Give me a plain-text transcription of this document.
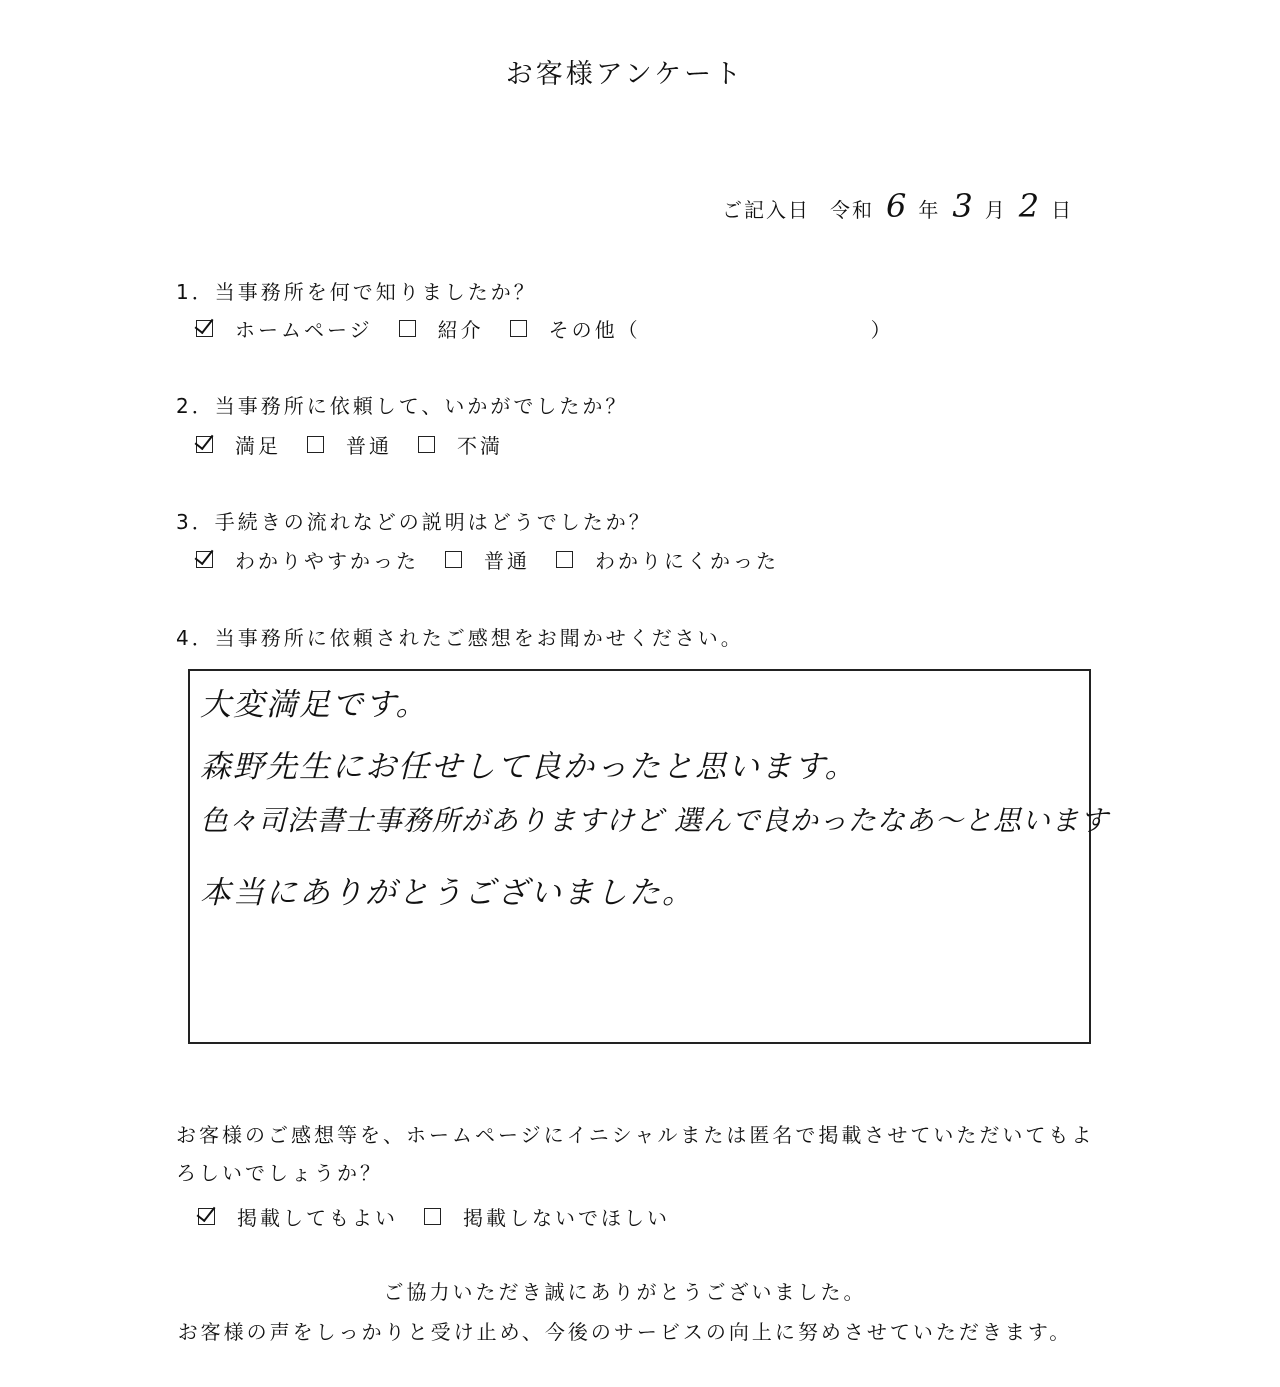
お客様アンケート
ご記入日 令和 6 年 3 月 2 日
1．当事務所を何で知りましたか？
ホームページ	紹介	その他（　　　　　　　　　　）
2．当事務所に依頼して、いかがでしたか？
満足	普通	不満
3．手続きの流れなどの説明はどうでしたか？
わかりやすかった	普通	わかりにくかった
4．当事務所に依頼されたご感想をお聞かせください。
大変満足です。
森野先生にお任せして良かったと思います。
色々司法書士事務所がありますけど 選んで良かったなあ～と思います
本当にありがとうございました。
お客様のご感想等を、ホームページにイニシャルまたは匿名で掲載させていただいてもよ
ろしいでしょうか？
掲載してもよい	掲載しないでほしい
ご協力いただき誠にありがとうございました。
お客様の声をしっかりと受け止め、今後のサービスの向上に努めさせていただきます。
